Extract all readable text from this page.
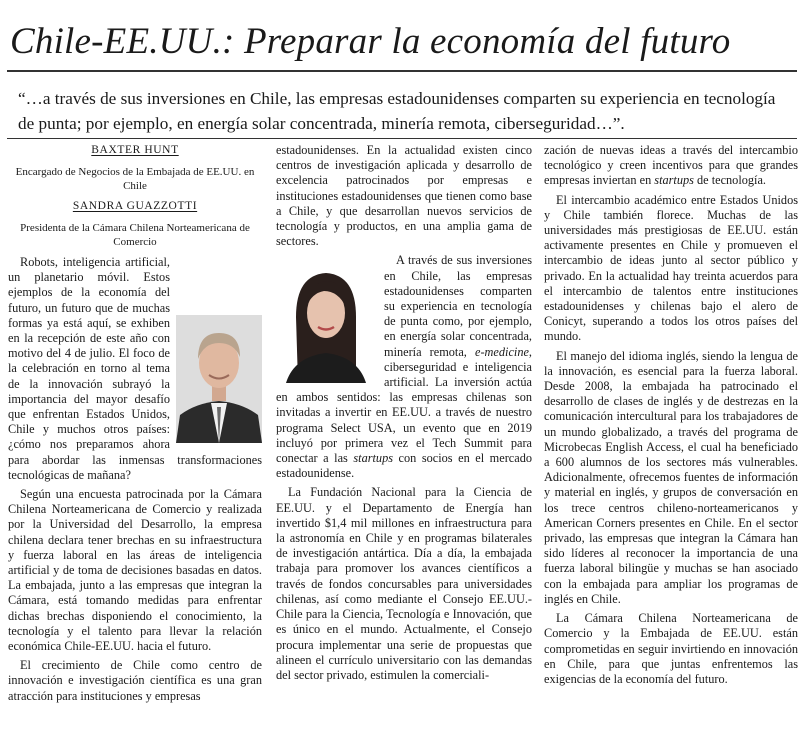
Chile-EE.UU.: Preparar la economía del futuro
“…a través de sus inversiones en Chile, las empresas estadounidenses comparten su experiencia en tecnología de punta; por ejemplo, en energía solar concentrada, minería remota, ciberseguridad…”.
BAXTER HUNT
Encargado de Negocios de la Embajada de EE.UU. en Chile
SANDRA GUAZZOTTI
Presidenta de la Cámara Chilena Norteamericana de Comercio

Robots, inteligencia artificial, un planetario móvil. Estos ejemplos de la economía del futuro, un futuro que de muchas formas ya está aquí, se exhiben en la recepción de este año con motivo del 4 de julio. El foco de la celebración en torno al tema de la innovación subrayó la importancia del mayor desafío que enfrentan Estados Unidos, Chile y muchos otros países: ¿cómo nos preparamos ahora para abordar las inmensas transformaciones tecnológicas de mañana?

Según una encuesta patrocinada por la Cámara Chilena Norteamericana de Comercio y realizada por la Universidad del Desarrollo, la empresa chilena declara tener brechas en su infraestructura y fuerza laboral en las áreas de inteligencia artificial y de toma de decisiones basadas en datos. La embajada, junto a las empresas que integran la Cámara, está tomando medidas para enfrentar dichas brechas disponiendo el conocimiento, la tecnología y el talento para llevar la relación económica Chile-EE.UU. hacia el futuro.

El crecimiento de Chile como centro de innovación e investigación científica es una gran atracción para instituciones y empresas

estadounidenses. En la actualidad existen cinco centros de investigación aplicada y desarrollo de excelencia patrocinados por empresas e instituciones estadounidenses que tienen como base a Chile, y que desarrollan nuevos servicios de tecnología y productos, en una amplia gama de sectores.

A través de sus inversiones en Chile, las empresas estadounidenses comparten su experiencia en tecnología de punta como, por ejemplo, en energía solar concentrada, minería remota, e-medicine, ciberseguridad e inteligencia artificial. La inversión actúa en ambos sentidos: las empresas chilenas son invitadas a invertir en EE.UU. a través de nuestro programa Select USA, un evento que en 2019 incluyó por primera vez el Tech Summit para conectar a las startups con socios en el mercado estadounidense.

La Fundación Nacional para la Ciencia de EE.UU. y el Departamento de Energía han invertido $1,4 mil millones en infraestructura para la astronomía en Chile y en programas bilaterales de investigación antártica. Día a día, la embajada trabaja para promover los avances científicos a través de fondos concursables para universidades chilenas, así como mediante el Consejo EE.UU.-Chile para la Ciencia, Tecnología e Innovación, que es único en el mundo. Actualmente, el Consejo procura implementar una serie de propuestas que alineen el currículo universitario con las demandas del sector privado, estimulen la comerciali-

zación de nuevas ideas a través del intercambio tecnológico y creen incentivos para que grandes empresas inviertan en startups de tecnología.

El intercambio académico entre Estados Unidos y Chile también florece. Muchas de las universidades más prestigiosas de EE.UU. están activamente presentes en Chile y promueven el intercambio de ideas junto al sector público y privado. En la actualidad hay treinta acuerdos para el intercambio de talentos entre instituciones estadounidenses y chilenas bajo el alero de Conicyt, superando a todos los otros países del mundo.

El manejo del idioma inglés, siendo la lengua de la innovación, es esencial para la fuerza laboral. Desde 2008, la embajada ha patrocinado el desarrollo de clases de inglés y de destrezas en la comunicación intercultural para los trabajadores de un mundo globalizado, a través del programa de Microbecas English Access, el cual ha beneficiado a 600 alumnos de los sectores más vulnerables. Adicionalmente, ofrecemos fuentes de información y material en inglés, y grupos de conversación en los trece centros chileno-norteamericanos y American Corners presentes en Chile. En el sector privado, las empresas que integran la Cámara han sido líderes al reconocer la importancia de una fuerza laboral bilingüe y muchas se han asociado con la embajada para ampliar los programas de inglés en Chile.

La Cámara Chilena Norteamericana de Comercio y la Embajada de EE.UU. están comprometidas en seguir invirtiendo en innovación en Chile, para que juntas enfrentemos las exigencias de la economía del futuro.
